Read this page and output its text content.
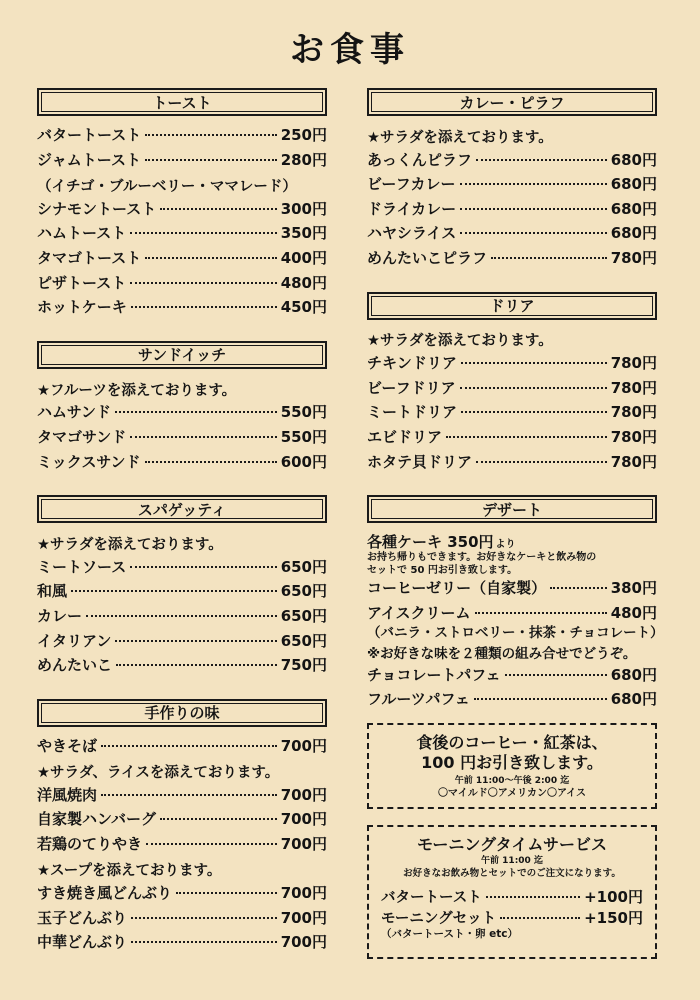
お食事
トースト
バタートースト	250円
ジャムトースト	280円
（イチゴ・ブルーベリー・ママレード）
シナモントースト	300円
ハムトースト	350円
タマゴトースト	400円
ピザトースト	480円
ホットケーキ	450円
サンドイッチ
★フルーツを添えております。
ハムサンド	550円
タマゴサンド	550円
ミックスサンド	600円
スパゲッティ
★サラダを添えております。
ミートソース	650円
和風	650円
カレー	650円
イタリアン	650円
めんたいこ	750円
手作りの味
やきそば	700円
★サラダ、ライスを添えております。
洋風焼肉	700円
自家製ハンバーグ	700円
若鶏のてりやき	700円
★スープを添えております。
すき焼き風どんぶり	700円
玉子どんぶり	700円
中華どんぶり	700円
カレー・ピラフ
★サラダを添えております。
あっくんピラフ	680円
ビーフカレー	680円
ドライカレー	680円
ハヤシライス	680円
めんたいこピラフ	780円
ドリア
★サラダを添えております。
チキンドリア	780円
ビーフドリア	780円
ミートドリア	780円
エビドリア	780円
ホタテ貝ドリア	780円
デザート
各種ケーキ 350円 より
お持ち帰りもできます。お好きなケーキと飲み物の
セットで 50 円お引き致します。
コーヒーゼリー（自家製）	380円
アイスクリーム	480円
（バニラ・ストロベリー・抹茶・チョコレート）
※お好きな味を２種類の組み合せでどうぞ。
チョコレートパフェ	680円
フルーツパフェ	680円
食後のコーヒー・紅茶は、
100 円お引き致します。
午前 11:00〜午後 2:00 迄
〇マイルド〇アメリカン〇アイス
モーニングタイムサービス
午前 11:00 迄
お好きなお飲み物とセットでのご注文になります。
バタートースト	+100円
モーニングセット	+150円
（バタートースト・卵 etc）
